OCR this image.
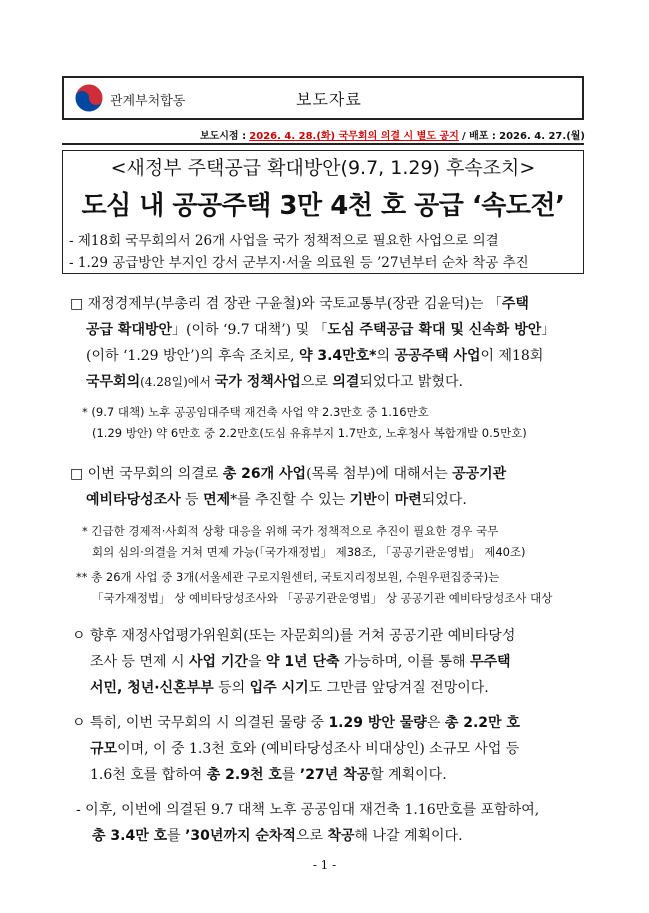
관계부처합동	보도자료
보도시점 : 2026. 4. 28.(화) 국무회의 의결 시 별도 공지 / 배포 : 2026. 4. 27.(월)
<새정부 주택공급 확대방안(9.7, 1.29) 후속조치>
도심 내 공공주택 3만 4천 호 공급 ‘속도전’
- 제18회 국무회의서 26개 사업을 국가 정책적으로 필요한 사업으로 의결
- 1.29 공급방안 부지인 강서 군부지·서울 의료원 등 ’27년부터 순차 착공 추진
□ 재정경제부(부총리 겸 장관 구윤철)와 국토교통부(장관 김윤덕)는 「주택
공급 확대방안」(이하 ‘9.7 대책’) 및 「도심 주택공급 확대 및 신속화 방안」
(이하 ‘1.29 방안’)의 후속 조치로, 약 3.4만호*의 공공주택 사업이 제18회
국무회의(4.28일)에서 국가 정책사업으로 의결되었다고 밝혔다.
* (9.7 대책) 노후 공공임대주택 재건축 사업 약 2.3만호 중 1.16만호
(1.29 방안) 약 6만호 중 2.2만호(도심 유휴부지 1.7만호, 노후청사 복합개발 0.5만호)
□ 이번 국무회의 의결로 총 26개 사업(목록 첨부)에 대해서는 공공기관
예비타당성조사 등 면제*를 추진할 수 있는 기반이 마련되었다.
* 긴급한 경제적·사회적 상황 대응을 위해 국가 정책적으로 추진이 필요한 경우 국무
회의 심의·의결을 거쳐 면제 가능(「국가재정법」 제38조, 「공공기관운영법」 제40조)
** 총 26개 사업 중 3개(서울세관 구로지원센터, 국토지리정보원, 수원우편집중국)는
「국가재정법」 상 예비타당성조사와 「공공기관운영법」 상 공공기관 예비타당성조사 대상
ㅇ 향후 재정사업평가위원회(또는 자문회의)를 거쳐 공공기관 예비타당성
조사 등 면제 시 사업 기간을 약 1년 단축 가능하며, 이를 통해 무주택
서민, 청년·신혼부부 등의 입주 시기도 그만큼 앞당겨질 전망이다.
ㅇ 특히, 이번 국무회의 시 의결된 물량 중 1.29 방안 물량은 총 2.2만 호
규모이며, 이 중 1.3천 호와 (예비타당성조사 비대상인) 소규모 사업 등
1.6천 호를 합하여 총 2.9천 호를 ’27년 착공할 계획이다.
- 이후, 이번에 의결된 9.7 대책 노후 공공임대 재건축 1.16만호를 포함하여,
총 3.4만 호를 ’30년까지 순차적으로 착공해 나갈 계획이다.
- 1 -
